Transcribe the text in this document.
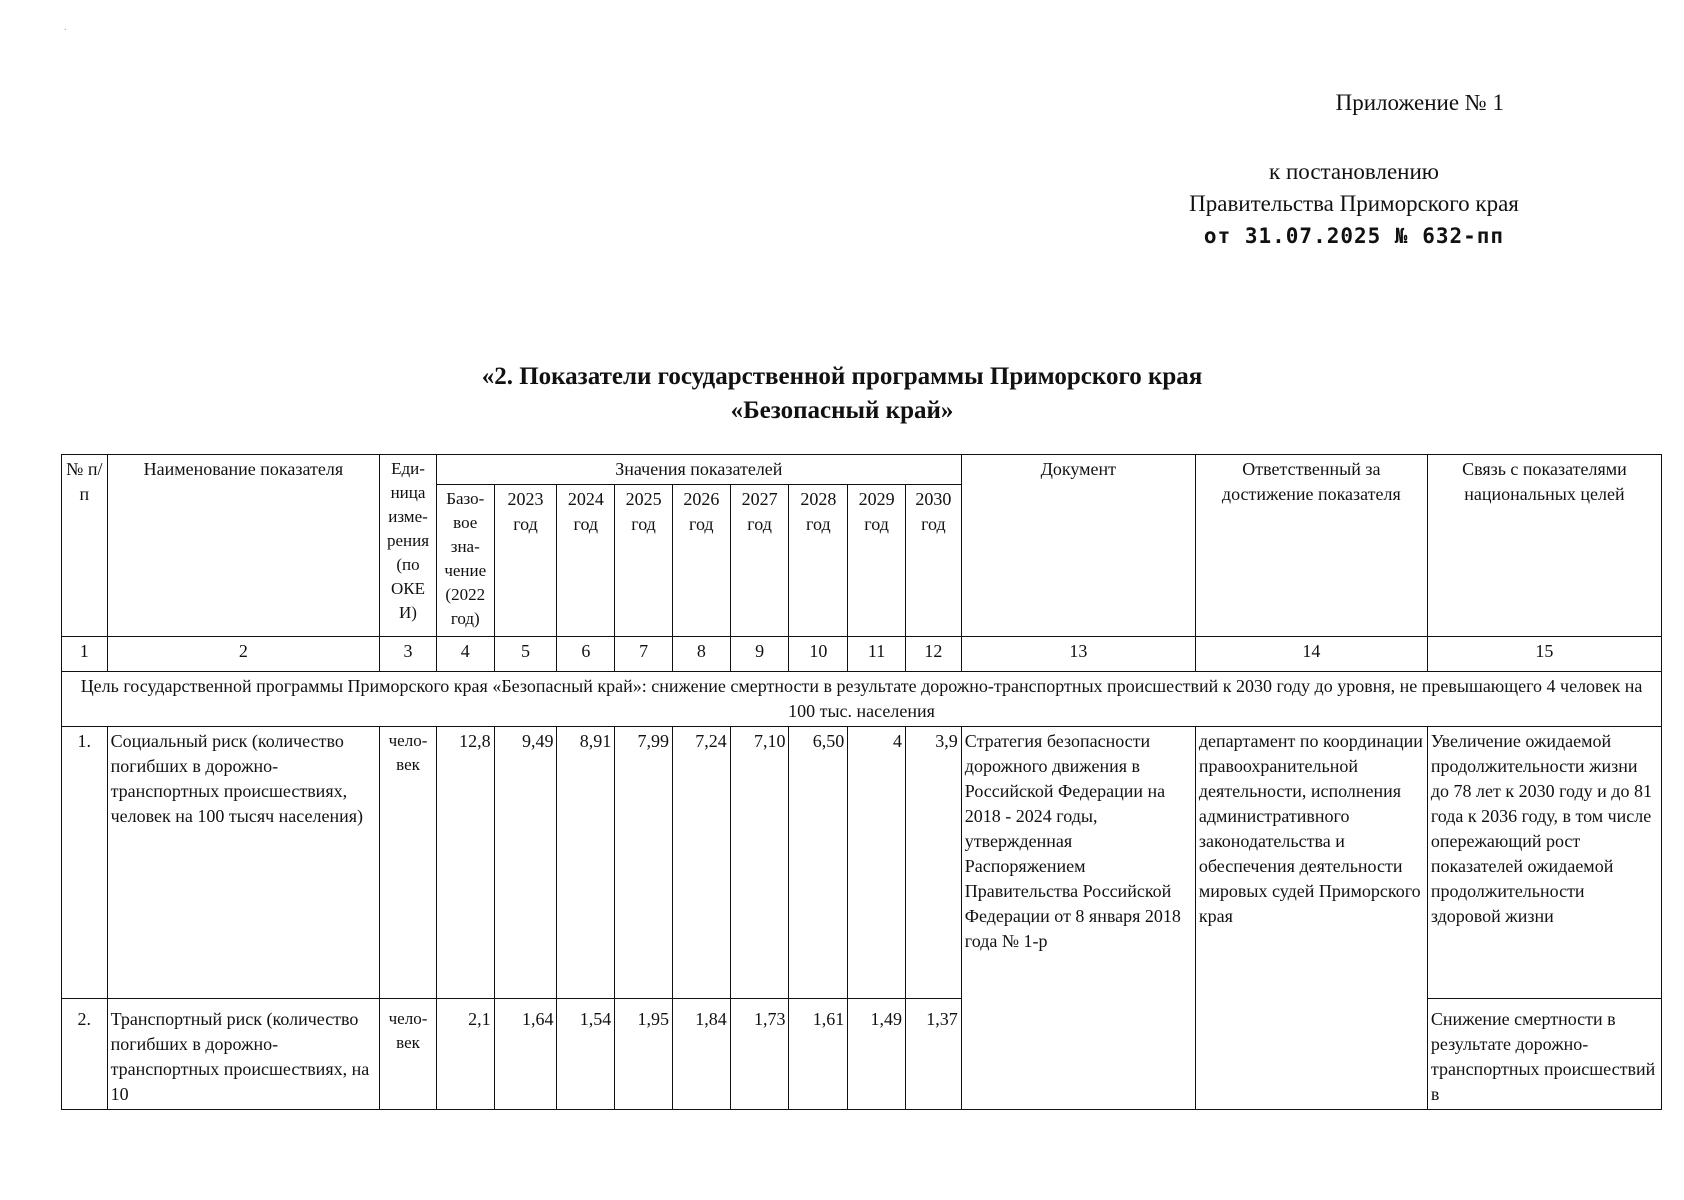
.
Приложение № 1
к постановлению
Правительства Приморского края
от 31.07.2025 № 632-пп
«2. Показатели государственной программы Приморского края
«Безопасный край»
№ п/п	Наименование показателя	Еди-ница изме-рения (по ОКЕ И)	Значения показателей									Документ	Ответственный за достижение показателя	Связь с показателями национальных целей
			Базо-вое зна-чение (2022 год)	2023 год	2024 год	2025 год	2026 год	2027 год	2028 год	2029 год	2030 год			
1	2	3	4	5	6	7	8	9	10	11	12	13	14	15
Цель государственной программы Приморского края «Безопасный край»: снижение смертности в результате дорожно-транспортных происшествий к 2030 году до уровня, не превышающего 4 человек на 100 тыс. населения														
1.	Социальный риск (количество погибших в дорожно-транспортных происшествиях, человек на 100 тысяч населения)	чело-век	12,8	9,49	8,91	7,99	7,24	7,10	6,50	4	3,9	Стратегия безопасности дорожного движения в Российской Федерации на 2018 - 2024 годы, утвержденная Распоряжением Правительства Российской Федерации от 8 января 2018 года № 1-р	департамент по координации правоохранительной деятельности, исполнения административного законодательства и обеспечения деятельности мировых судей Приморского края	Увеличение ожидаемой продолжительности жизни до 78 лет к 2030 году и до 81 года к 2036 году, в том числе опережающий рост показателей ожидаемой продолжительности здоровой жизни
2.	Транспортный риск (количество погибших в дорожно-транспортных происшествиях, на 10	чело-век	2,1	1,64	1,54	1,95	1,84	1,73	1,61	1,49	1,37			Снижение смертности в результате дорожно-транспортных происшествий в
